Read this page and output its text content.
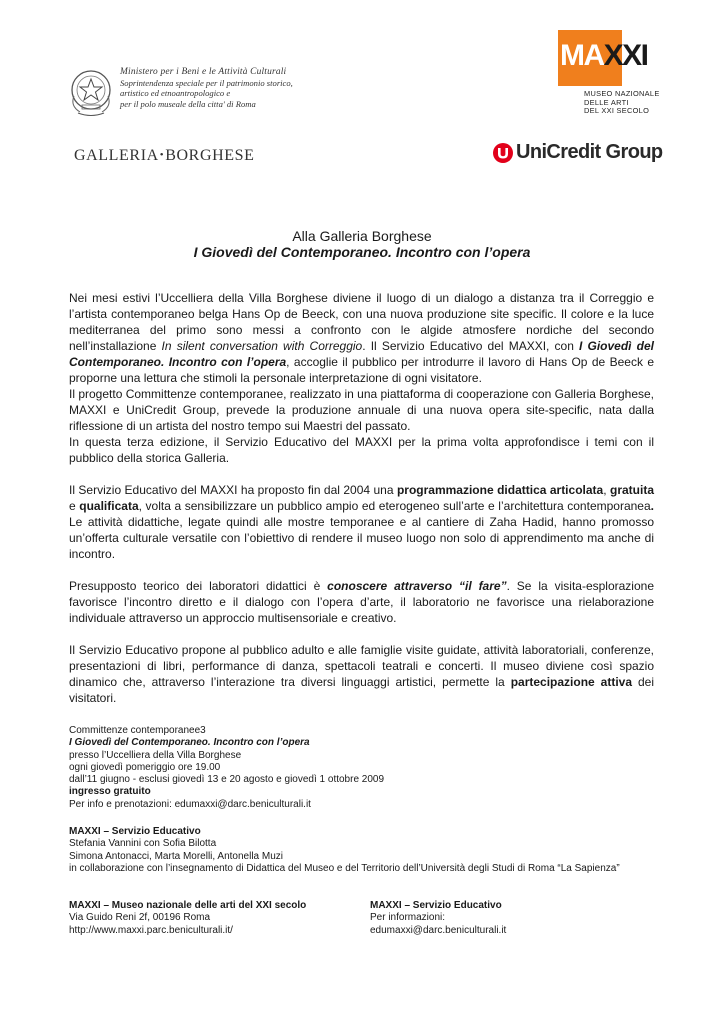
Ministero per i Beni e le Attività Culturali
Soprintendenza speciale per il patrimonio storico,
artistico ed etnoantropologico e
per il polo museale della citta' di Roma
GALLERIA•BORGHESE
MAXXI
MUSEO NAZIONALE
DELLE ARTI
DEL XXI SECOLO
UniCredit Group
Alla Galleria Borghese
I Giovedì del Contemporaneo. Incontro con l’opera

Nei mesi estivi l’Uccelliera della Villa Borghese diviene il luogo di un dialogo a distanza tra il Correggio e l’artista contemporaneo belga Hans Op de Beeck, con una nuova produzione site specific. Il colore e la luce mediterranea del primo sono messi a confronto con le algide atmosfere nordiche del secondo nell’installazione In silent conversation with Correggio. Il Servizio Educativo del MAXXI, con I Giovedì del Contemporaneo. Incontro con l’opera, accoglie il pubblico per introdurre il lavoro di Hans Op de Beeck e proporne una lettura che stimoli la personale interpretazione di ogni visitatore.

Il progetto Committenze contemporanee, realizzato in una piattaforma di cooperazione con Galleria Borghese, MAXXI e UniCredit Group, prevede la produzione annuale di una nuova opera site-specific, nata dalla riflessione di un artista del nostro tempo sui Maestri del passato.

In questa terza edizione, il Servizio Educativo del MAXXI per la prima volta approfondisce i temi con il pubblico della storica Galleria.

Il Servizio Educativo del MAXXI ha proposto fin dal 2004 una programmazione didattica articolata, gratuita e qualificata, volta a sensibilizzare un pubblico ampio ed eterogeneo sull’arte e l’architettura contemporanea. Le attività didattiche, legate quindi alle mostre temporanee e al cantiere di Zaha Hadid, hanno promosso un’offerta culturale versatile con l’obiettivo di rendere il museo luogo non solo di apprendimento ma anche di incontro.

Presupposto teorico dei laboratori didattici è conoscere attraverso “il fare”. Se la visita-esplorazione favorisce l’incontro diretto e il dialogo con l’opera d’arte, il laboratorio ne favorisce una rielaborazione individuale attraverso un approccio multisensoriale e creativo.

Il Servizio Educativo propone al pubblico adulto e alle famiglie visite guidate, attività laboratoriali, conferenze, presentazioni di libri, performance di danza, spettacoli teatrali e concerti. Il museo diviene così spazio dinamico che, attraverso l’interazione tra diversi linguaggi artistici, permette la partecipazione attiva dei visitatori.

Committenze contemporanee3
I Giovedì del Contemporaneo. Incontro con l’opera
presso l’Uccelliera della Villa Borghese
ogni giovedì pomeriggio ore 19.00
dall’11 giugno - esclusi giovedì 13 e 20 agosto e giovedì 1 ottobre 2009
ingresso gratuito
Per info e prenotazioni: edumaxxi@darc.beniculturali.it
MAXXI – Servizio Educativo
Stefania Vannini con Sofia Bilotta
Simona Antonacci, Marta Morelli, Antonella Muzi
in collaborazione con l’insegnamento di Didattica del Museo e del Territorio dell’Università degli Studi di Roma “La Sapienza”
MAXXI – Museo nazionale delle arti del XXI secolo
Via Guido Reni 2f, 00196 Roma
http://www.maxxi.parc.beniculturali.it/
MAXXI – Servizio Educativo
Per informazioni:
edumaxxi@darc.beniculturali.it
